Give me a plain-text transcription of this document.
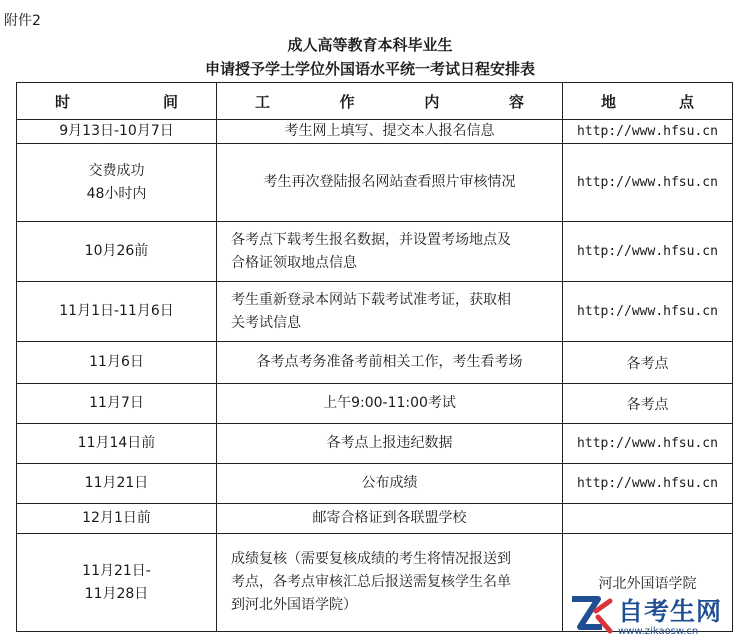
附件2
成人高等教育本科毕业生
申请授予学士学位外国语水平统一考试日程安排表
时　　间	工　作　内　容	地　　点

9月13日-10月7日	考生网上填写、提交本人报名信息	http://www.hfsu.cn

交费成功
48小时内	考生再次登陆报名网站查看照片审核情况	http://www.hfsu.cn

10月26前	各考点下载考生报名数据，并设置考场地点及
合格证领取地点信息	http://www.hfsu.cn

11月1日-11月6日	考生重新登录本网站下载考试准考证，获取相
关考试信息	http://www.hfsu.cn

11月6日	各考点考务准备考前相关工作，考生看考场	各考点

11月7日	上午9:00-11:00考试	各考点

11月14日前	各考点上报违纪数据	http://www.hfsu.cn

11月21日	公布成绩	http://www.hfsu.cn

12月1日前	邮寄合格证到各联盟学校	

11月21日-
11月28日	成绩复核（需要复核成绩的考生将情况报送到
考点，各考点审核汇总后报送需复核学生名单
到河北外国语学院）	河北外国语学院
自考生网
www.zikaosw.cn
